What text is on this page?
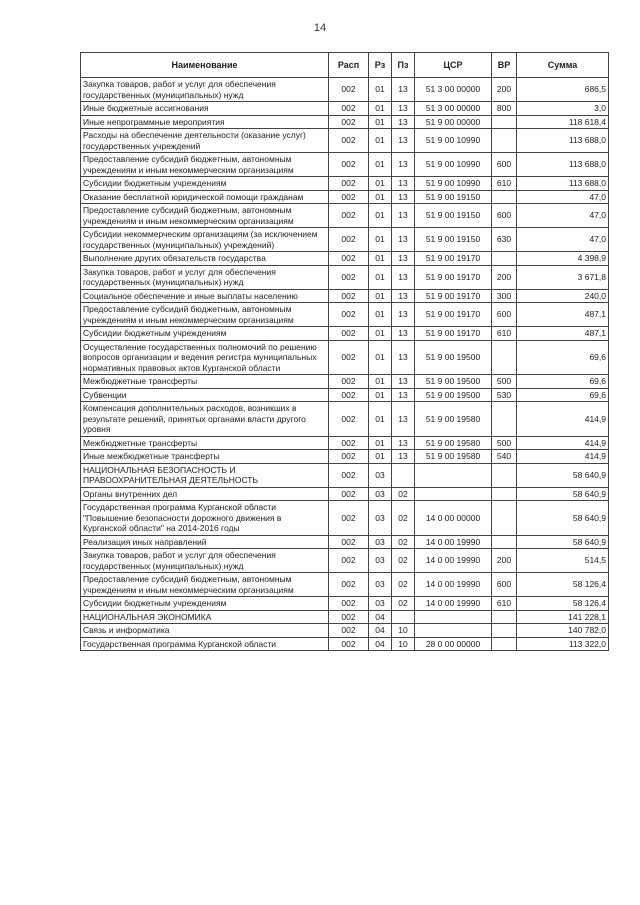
14
Наименование	Расп	Рз	Пз	ЦСР	ВР	Сумма
Закупка товаров, работ и услуг для обеспечения государственных (муниципальных) нужд	002	01	13	51 3 00 00000	200	686,5
Иные бюджетные ассигнования	002	01	13	51 3 00 00000	800	3,0
Иные непрограммные мероприятия	002	01	13	51 9 00 00000		118 618,4
Расходы на обеспечение деятельности (оказание услуг) государственных учреждений	002	01	13	51 9 00 10990		113 688,0
Предоставление субсидий бюджетным, автономным учреждениям и иным некоммерческим организациям	002	01	13	51 9 00 10990	600	113 688,0
Субсидии бюджетным учреждениям	002	01	13	51 9 00 10990	610	113 688,0
Оказание бесплатной юридической помощи гражданам	002	01	13	51 9 00 19150		47,0
Предоставление субсидий бюджетным, автономным учреждениям и иным некоммерческим организациям	002	01	13	51 9 00 19150	600	47,0
Субсидии некоммерческим организациям (за исключением государственных (муниципальных) учреждений)	002	01	13	51 9 00 19150	630	47,0
Выполнение других обязательств государства	002	01	13	51 9 00 19170		4 398,9
Закупка товаров, работ и услуг для обеспечения государственных (муниципальных) нужд	002	01	13	51 9 00 19170	200	3 671,8
Социальное обеспечение и иные выплаты населению	002	01	13	51 9 00 19170	300	240,0
Предоставление субсидий бюджетным, автономным учреждениям и иным некоммерческим организациям	002	01	13	51 9 00 19170	600	487,1
Субсидии бюджетным учреждениям	002	01	13	51 9 00 19170	610	487,1
Осуществление государственных полномочий по решению вопросов организации и ведения регистра муниципальных нормативных правовых актов Курганской области	002	01	13	51 9 00 19500		69,6
Межбюджетные трансферты	002	01	13	51 9 00 19500	500	69,6
Субвенции	002	01	13	51 9 00 19500	530	69,6
Компенсация дополнительных расходов, возникших в результате решений, принятых органами власти другого уровня	002	01	13	51 9 00 19580		414,9
Межбюджетные трансферты	002	01	13	51 9 00 19580	500	414,9
Иные межбюджетные трансферты	002	01	13	51 9 00 19580	540	414,9
НАЦИОНАЛЬНАЯ БЕЗОПАСНОСТЬ И ПРАВООХРАНИТЕЛЬНАЯ ДЕЯТЕЛЬНОСТЬ	002	03				58 640,9
Органы внутренних дел	002	03	02			58 640,9
Государственная программа Курганской области "Повышение безопасности дорожного движения в Курганской области" на 2014-2016 годы	002	03	02	14 0 00 00000		58 640,9
Реализация иных направлений	002	03	02	14 0 00 19990		58 640,9
Закупка товаров, работ и услуг для обеспечения государственных (муниципальных) нужд	002	03	02	14 0 00 19990	200	514,5
Предоставление субсидий бюджетным, автономным учреждениям и иным некоммерческим организациям	002	03	02	14 0 00 19990	600	58 126,4
Субсидии бюджетным учреждениям	002	03	02	14 0 00 19990	610	58 126,4
НАЦИОНАЛЬНАЯ ЭКОНОМИКА	002	04				141 228,1
Связь и информатика	002	04	10			140 782,0
Государственная программа Курганской области	002	04	10	28 0 00 00000		113 322,0
